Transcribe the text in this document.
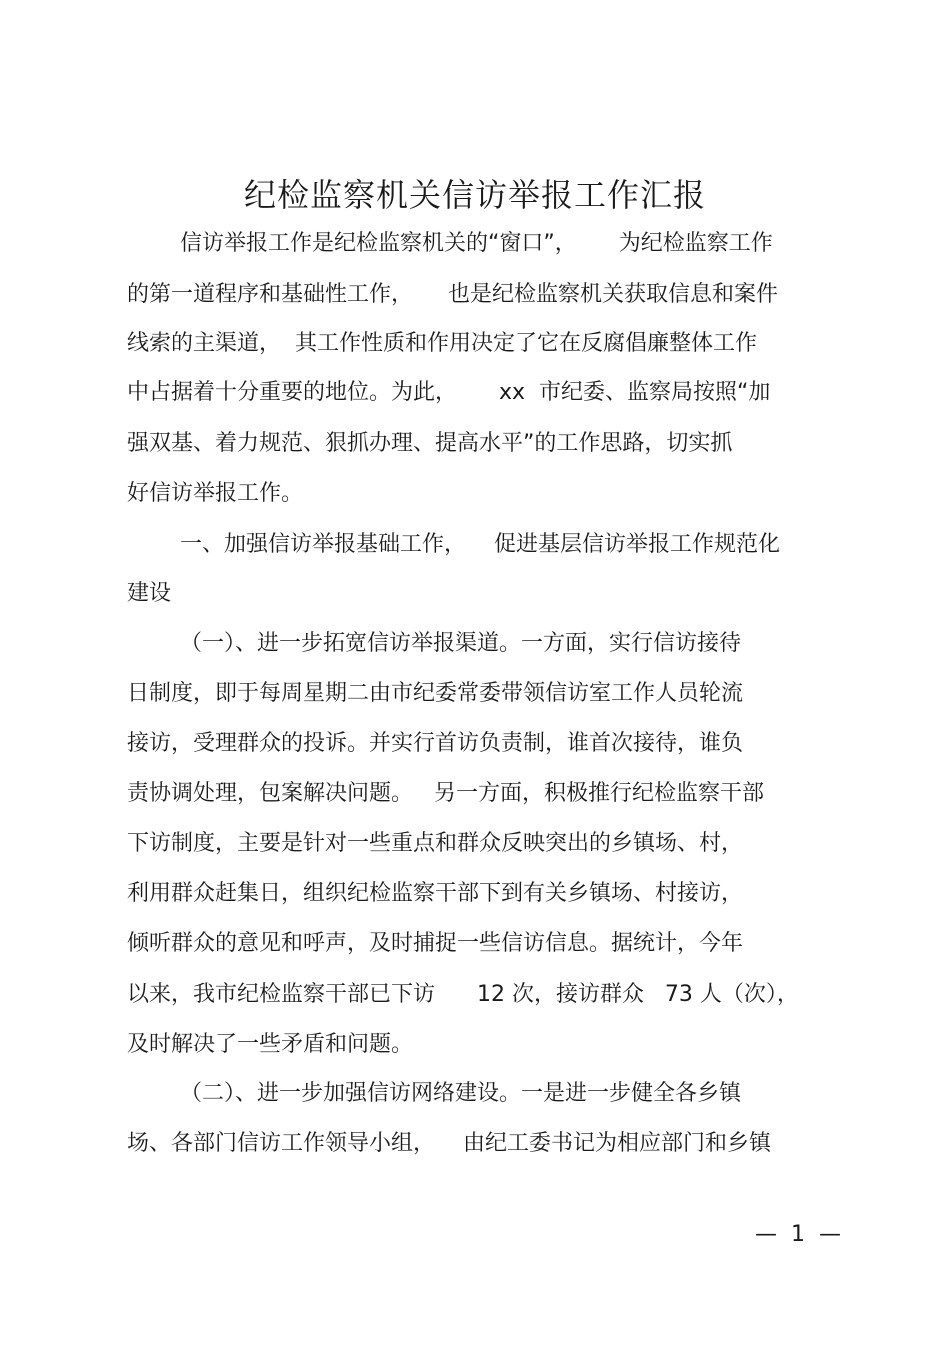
纪检监察机关信访举报工作汇报
信访举报工作是纪检监察机关的“窗口”，      为纪检监察工作
的第一道程序和基础性工作，     也是纪检监察机关获取信息和案件
线索的主渠道，  其工作性质和作用决定了它在反腐倡廉整体工作
中占据着十分重要的地位。为此，      xx  市纪委、监察局按照“加
强双基、着力规范、狠抓办理、提高水平”的工作思路，切实抓
好信访举报工作。
一、加强信访举报基础工作，    促进基层信访举报工作规范化
建设
（一）、进一步拓宽信访举报渠道。一方面，实行信访接待
日制度，即于每周星期二由市纪委常委带领信访室工作人员轮流
接访，受理群众的投诉。并实行首访负责制，谁首次接待，谁负
责协调处理，包案解决问题。   另一方面，积极推行纪检监察干部
下访制度，主要是针对一些重点和群众反映突出的乡镇场、村，
利用群众赶集日，组织纪检监察干部下到有关乡镇场、村接访，
倾听群众的意见和呼声，及时捕捉一些信访信息。据统计，今年
以来，我市纪检监察干部已下访      12 次，接访群众   73 人（次），
及时解决了一些矛盾和问题。
（二）、进一步加强信访网络建设。一是进一步健全各乡镇
场、各部门信访工作领导小组，    由纪工委书记为相应部门和乡镇
—  1  —
